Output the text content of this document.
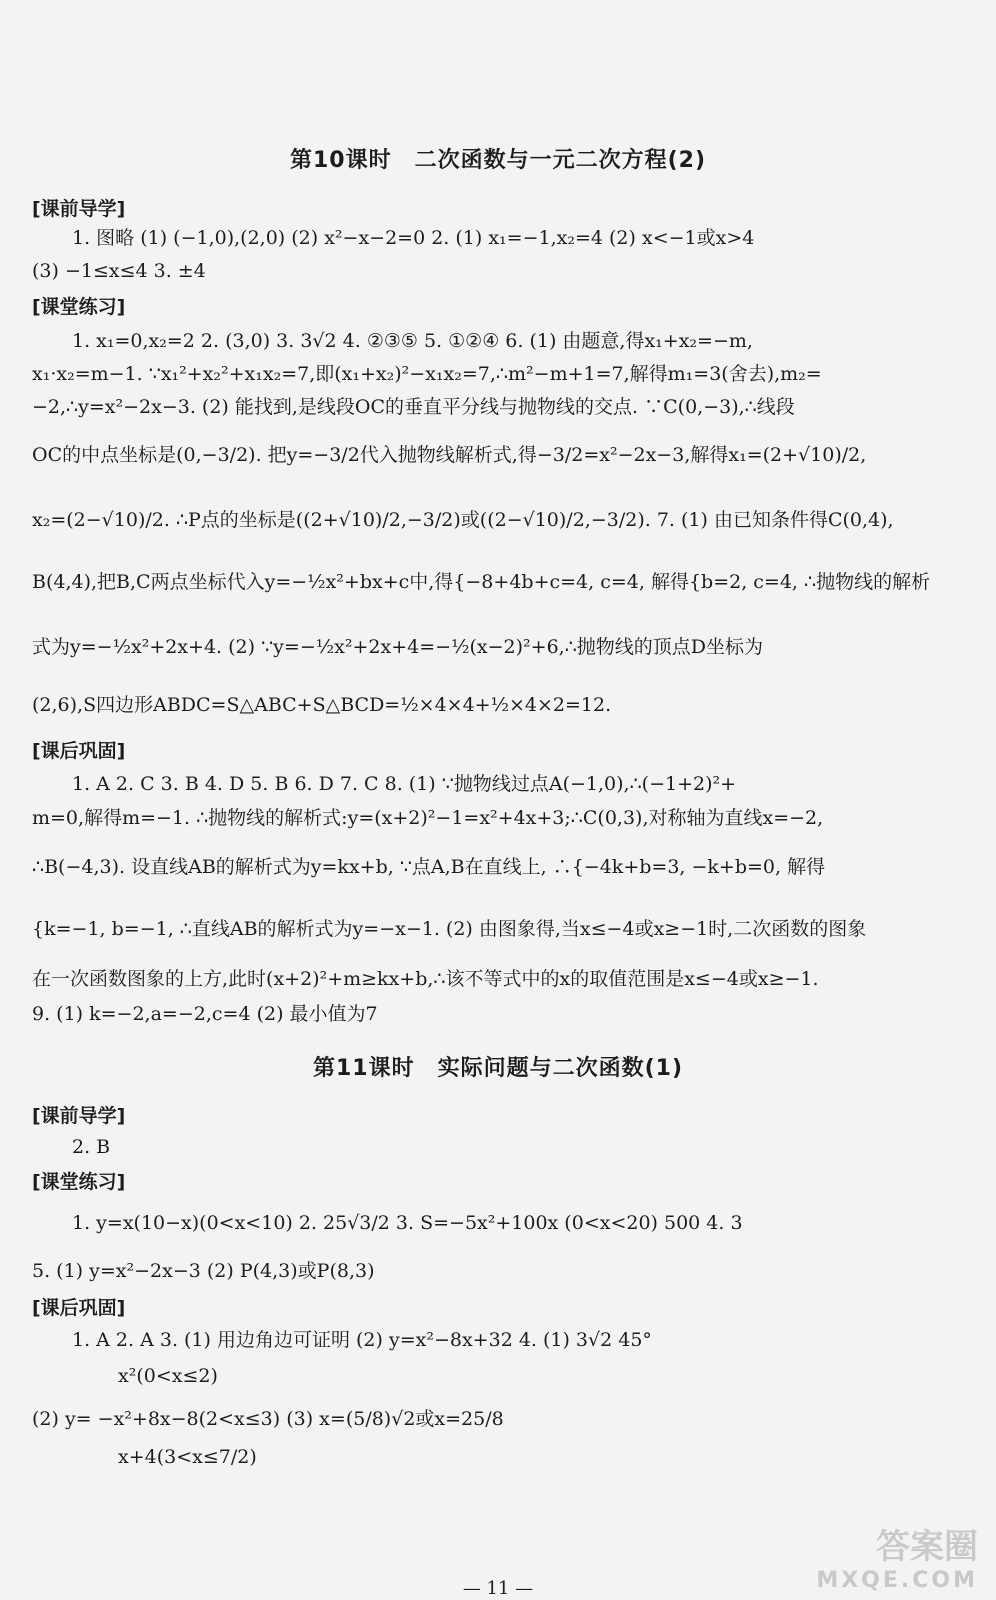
第10课时　二次函数与一元二次方程(2)
[课前导学]
1. 图略 (1) (−1,0),(2,0) (2) x²−x−2=0 2. (1) x₁=−1,x₂=4 (2) x<−1或x>4
(3) −1≤x≤4 3. ±4
[课堂练习]
1. x₁=0,x₂=2 2. (3,0) 3. 3√2 4. ②③⑤ 5. ①②④ 6. (1) 由题意,得x₁+x₂=−m,
x₁·x₂=m−1. ∵x₁²+x₂²+x₁x₂=7,即(x₁+x₂)²−x₁x₂=7,∴m²−m+1=7,解得m₁=3(舍去),m₂=
−2,∴y=x²−2x−3. (2) 能找到,是线段OC的垂直平分线与抛物线的交点. ∵C(0,−3),∴线段
OC的中点坐标是(0,−3/2). 把y=−3/2代入抛物线解析式,得−3/2=x²−2x−3,解得x₁=(2+√10)/2,
x₂=(2−√10)/2. ∴P点的坐标是((2+√10)/2,−3/2)或((2−√10)/2,−3/2). 7. (1) 由已知条件得C(0,4),
B(4,4),把B,C两点坐标代入y=−½x²+bx+c中,得{−8+4b+c=4, c=4, 解得{b=2, c=4, ∴抛物线的解析
式为y=−½x²+2x+4. (2) ∵y=−½x²+2x+4=−½(x−2)²+6,∴抛物线的顶点D坐标为
(2,6),S四边形ABDC=S△ABC+S△BCD=½×4×4+½×4×2=12.
[课后巩固]
1. A 2. C 3. B 4. D 5. B 6. D 7. C 8. (1) ∵抛物线过点A(−1,0),∴(−1+2)²+
m=0,解得m=−1. ∴抛物线的解析式:y=(x+2)²−1=x²+4x+3;∴C(0,3),对称轴为直线x=−2,
∴B(−4,3). 设直线AB的解析式为y=kx+b, ∵点A,B在直线上, ∴{−4k+b=3, −k+b=0, 解得
{k=−1, b=−1, ∴直线AB的解析式为y=−x−1. (2) 由图象得,当x≤−4或x≥−1时,二次函数的图象
在一次函数图象的上方,此时(x+2)²+m≥kx+b,∴该不等式中的x的取值范围是x≤−4或x≥−1.
9. (1) k=−2,a=−2,c=4 (2) 最小值为7
第11课时　实际问题与二次函数(1)
[课前导学]
2. B
[课堂练习]
1. y=x(10−x)(0<x<10) 2. 25√3/2 3. S=−5x²+100x (0<x<20) 500 4. 3
5. (1) y=x²−2x−3 (2) P(4,3)或P(8,3)
[课后巩固]
1. A 2. A 3. (1) 用边角边可证明 (2) y=x²−8x+32 4. (1) 3√2 45°
x²(0<x≤2)
(2) y= −x²+8x−8(2<x≤3) (3) x=(5/8)√2或x=25/8
x+4(3<x≤7/2)
— 11 —
答案圈
MXQE.COM
